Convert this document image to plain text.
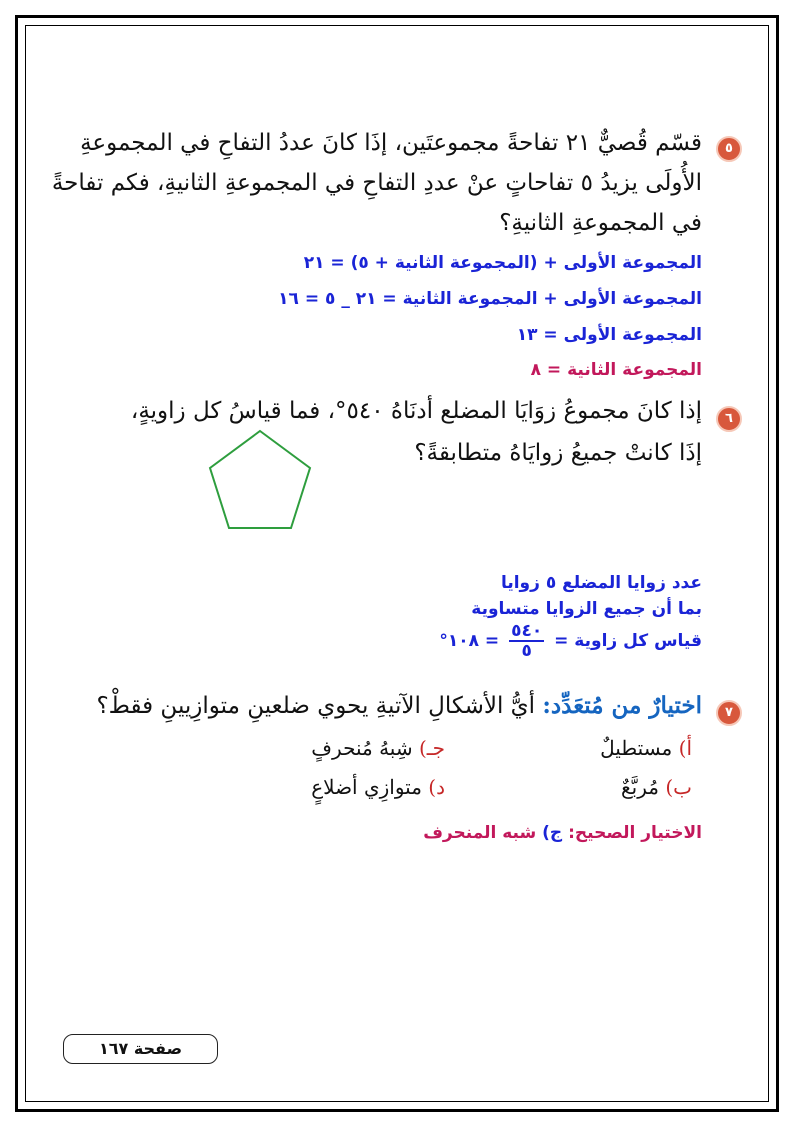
٥
قسّم قُصيٌّ ٢١ تفاحةً مجموعتَين، إذَا كانَ عددُ التفاحِ في المجموعةِ
الأُولَى يزيدُ ٥ تفاحاتٍ عنْ عددِ التفاحِ في المجموعةِ الثانيةِ، فكم تفاحةً
في المجموعةِ الثانيةِ؟
المجموعة الأولى + (المجموعة الثانية + ٥) = ٢١
المجموعة الأولى + المجموعة الثانية = ٢١ _ ٥ = ١٦
المجموعة الأولى = ١٣
المجموعة الثانية = ٨
٦
إذا كانَ مجموعُ زوَايَا المضلع أدنَاهُ ٥٤٠°، فما قياسُ كل زاويةٍ،
إذَا كانتْ جميعُ زوايَاهُ متطابقةً؟
عدد زوايا المضلع ٥ زوايا
بما أن جميع الزوايا متساوية
قياس كل زاوية =
$\frac{٥٤٠}{٥}$
= ١٠٨°
٧
اختيارٌ من مُتعَدِّد: أيُّ الأشكالِ الآتيةِ يحوي ضلعينِ متوازِيينِ فقطْ؟
أ) مستطيلٌ
جـ) شِبهُ مُنحرفٍ
ب) مُربَّعٌ
د) متوازِي أضلاعٍ
الاختيار الصحيح: ج) شبه المنحرف
صفحة ١٦٧
